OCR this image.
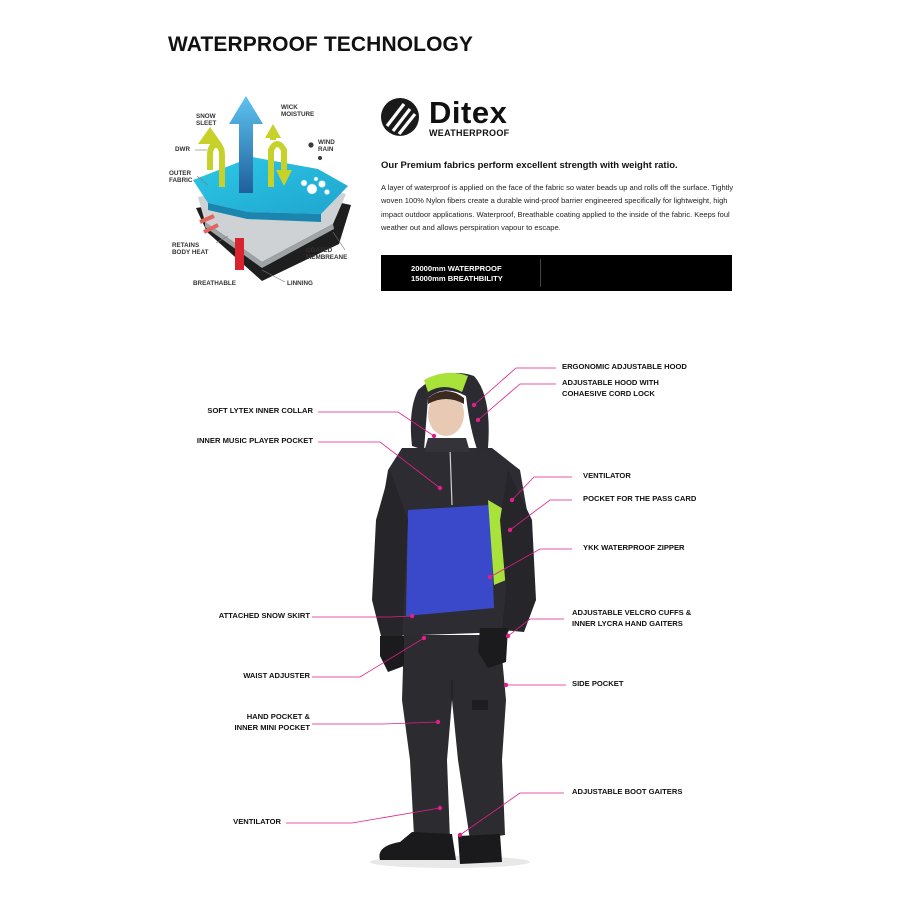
WATERPROOF TECHNOLOGY
SNOW
SLEET
WICK
MOISTURE
WIND
RAIN
DWR
OUTER
FABRIC
RETAINS
BODY HEAT	COATED
MEMBREANE
BREATHABLE	LINNING
Ditex
WEATHERPROOF
Our Premium fabrics perform excellent strength with weight ratio.
A layer of waterproof is applied on the face of the fabric so water beads up and rolls off the surface. Tightly woven 100% Nylon fibers create a durable wind-proof barrier engineered specifically for lightweight, high impact outdoor applications. Waterproof, Breathable coating applied to the inside of the fabric. Keeps foul weather out and allows perspiration vapour to escape.
20000mm WATERPROOF
15000mm BREATHBILITY
SOFT LYTEX INNER COLLAR
INNER MUSIC PLAYER POCKET
ATTACHED SNOW SKIRT
WAIST ADJUSTER
HAND POCKET &
INNER MINI POCKET
VENTILATOR
ERGONOMIC ADJUSTABLE HOOD
ADJUSTABLE HOOD WITH
COHAESIVE CORD LOCK
VENTILATOR
POCKET FOR THE PASS CARD
YKK WATERPROOF ZIPPER
ADJUSTABLE VELCRO CUFFS &
INNER LYCRA HAND GAITERS
SIDE POCKET
ADJUSTABLE BOOT GAITERS
